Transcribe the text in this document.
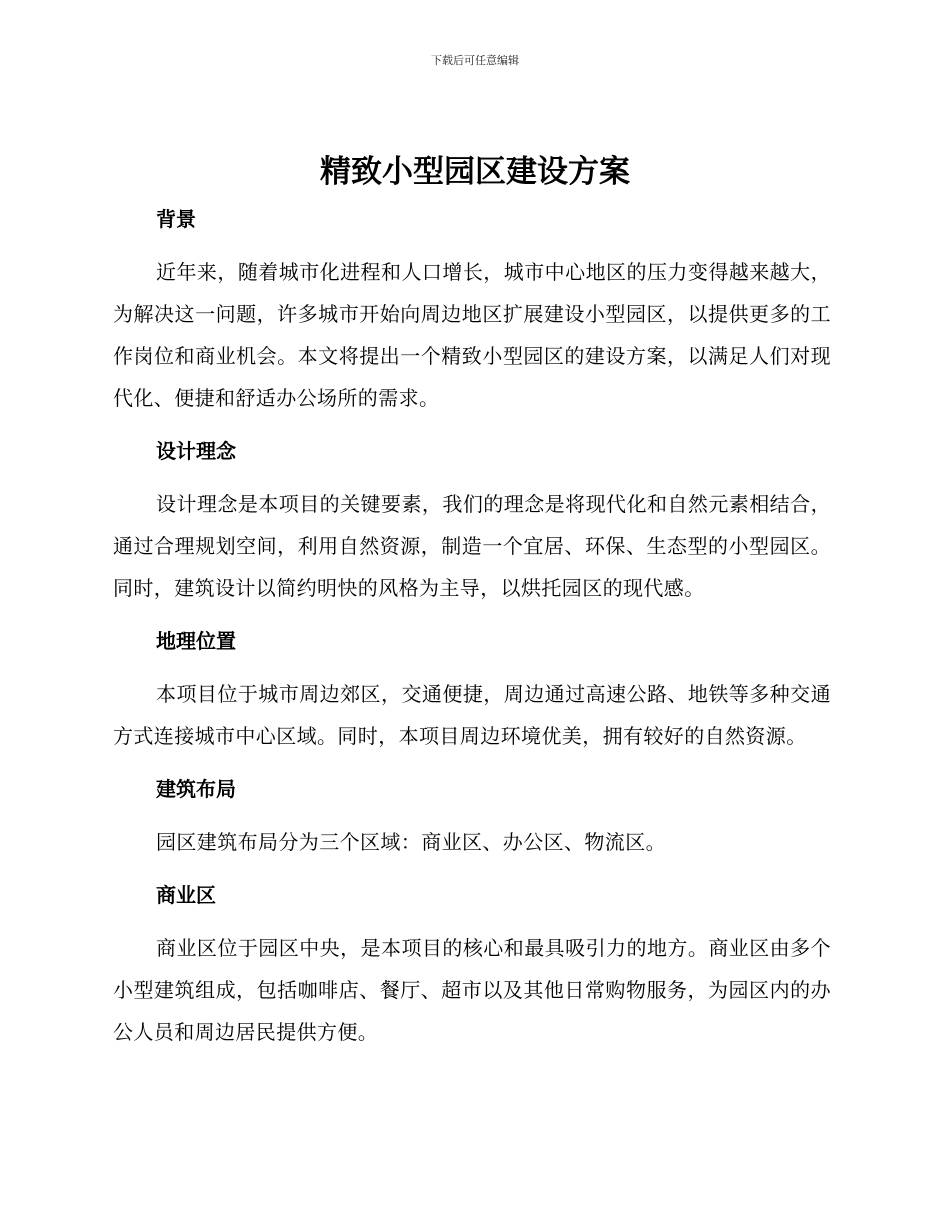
下载后可任意编辑
精致小型园区建设方案
背景

近年来，随着城市化进程和人口增长，城市中心地区的压力变得越来越大，为解决这一问题，许多城市开始向周边地区扩展建设小型园区，以提供更多的工作岗位和商业机会。本文将提出一个精致小型园区的建设方案，以满足人们对现代化、便捷和舒适办公场所的需求。

设计理念

设计理念是本项目的关键要素，我们的理念是将现代化和自然元素相结合，通过合理规划空间，利用自然资源，制造一个宜居、环保、生态型的小型园区。同时，建筑设计以简约明快的风格为主导，以烘托园区的现代感。

地理位置

本项目位于城市周边郊区，交通便捷，周边通过高速公路、地铁等多种交通方式连接城市中心区域。同时，本项目周边环境优美，拥有较好的自然资源。

建筑布局

园区建筑布局分为三个区域：商业区、办公区、物流区。

商业区

商业区位于园区中央，是本项目的核心和最具吸引力的地方。商业区由多个小型建筑组成，包括咖啡店、餐厅、超市以及其他日常购物服务，为园区内的办公人员和周边居民提供方便。
